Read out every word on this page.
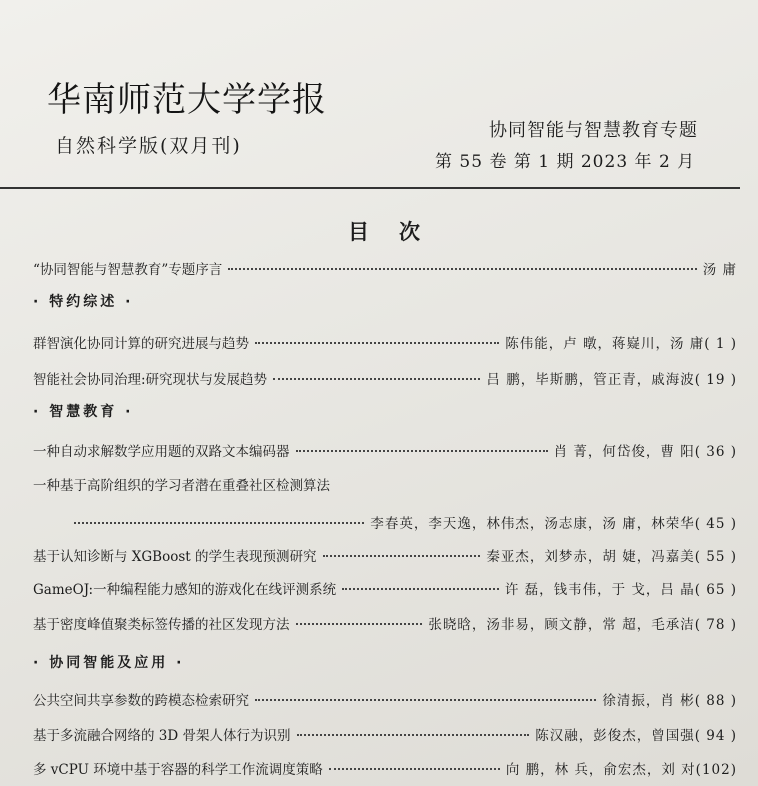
华南师范大学学报
自然科学版(双月刊)
协同智能与智慧教育专题
第 55 卷 第 1 期 2023 年 2 月
目次
“协同智能与智慧教育”专题序言	汤 庸
· 特约综述 ·
群智演化协同计算的研究进展与趋势	陈伟能，卢 暾，蒋嶷川，汤 庸( 1 )
智能社会协同治理:研究现状与发展趋势	吕 鹏，毕斯鹏，管正青，戚海波( 19 )
· 智慧教育 ·
一种自动求解数学应用题的双路文本编码器	肖 菁，何岱俊，曹 阳( 36 )
一种基于高阶组织的学习者潜在重叠社区检测算法
李春英，李天逸，林伟杰，汤志康，汤 庸，林荣华( 45 )
基于认知诊断与 XGBoost 的学生表现预测研究	秦亚杰，刘梦赤，胡 婕，冯嘉美( 55 )
GameOJ:一种编程能力感知的游戏化在线评测系统	许 磊，钱韦伟，于 戈，吕 晶( 65 )
基于密度峰值聚类标签传播的社区发现方法	张晓晗，汤非易，顾文静，常 超，毛承洁( 78 )
· 协同智能及应用 ·
公共空间共享参数的跨模态检索研究	徐清振，肖 彬( 88 )
基于多流融合网络的 3D 骨架人体行为识别	陈汉融，彭俊杰，曾国强( 94 )
多 vCPU 环境中基于容器的科学工作流调度策略	向 鹏，林 兵，俞宏杰，刘 对(102)
